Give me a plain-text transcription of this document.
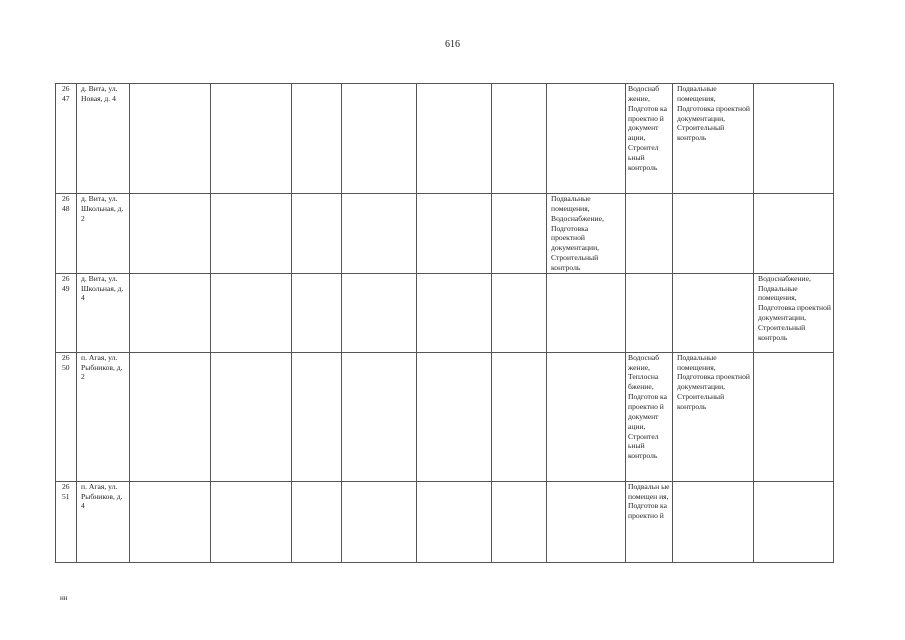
616
26
47	д. Вита, ул. Новая, д. 4								Водоснаб жение, Подготов ка проектно й документ ации, Строител ьный контроль	Подвальные помещения, Подготовка проектной документации, Строительный контроль	
26
48	д. Вита, ул. Школьная, д. 2							Подвальные помещения, Водоснабжение, Подготовка проектной документации, Строительный контроль			
26
49	д. Вита, ул. Школьная, д. 4										Водоснабжение, Подвальные помещения, Подготовка проектной документации, Строительный контроль
26
50	п. Агая, ул. Рыбников, д. 2								Водоснаб жение, Теплосна бжение, Подготов ка проектно й документ ации, Строител ьный контроль	Подвальные помещения, Подготовка проектной документации, Строительный контроль	
26
51	п. Агая, ул. Рыбников, д. 4								Подвальн ые помещен ия, Подготов ка проектно й		
нн
